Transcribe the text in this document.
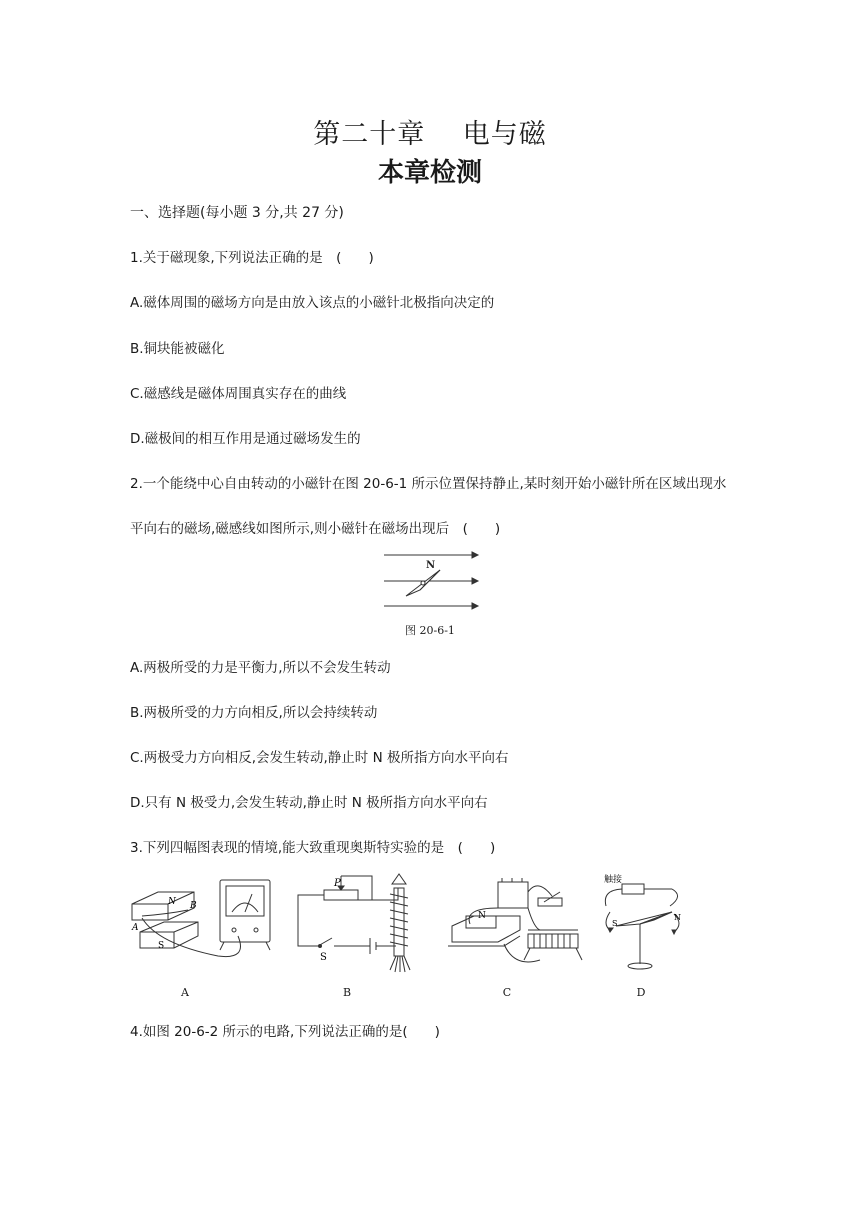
第二十章　 电与磁
本章检测
一、选择题(每小题 3 分,共 27 分)
1.关于磁现象,下列说法正确的是　(　　)
A.磁体周围的磁场方向是由放入该点的小磁针北极指向决定的
B.铜块能被磁化
C.磁感线是磁体周围真实存在的曲线
D.磁极间的相互作用是通过磁场发生的
2.一个能绕中心自由转动的小磁针在图 20-6-1 所示位置保持静止,某时刻开始小磁针所在区域出现水
平向右的磁场,磁感线如图所示,则小磁针在磁场出现后　(　　)
N
图 20-6-1
A.两极所受的力是平衡力,所以不会发生转动
B.两极所受的力方向相反,所以会持续转动
C.两极受力方向相反,会发生转动,静止时 N 极所指方向水平向右
D.只有 N 极受力,会发生转动,静止时 N 极所指方向水平向右
3.下列四幅图表现的情境,能大致重现奥斯特实验的是　(　　)
N
S
A
B
A
P
S
B
N
C
触接
S
N
D
4.如图 20-6-2 所示的电路,下列说法正确的是(　　)
